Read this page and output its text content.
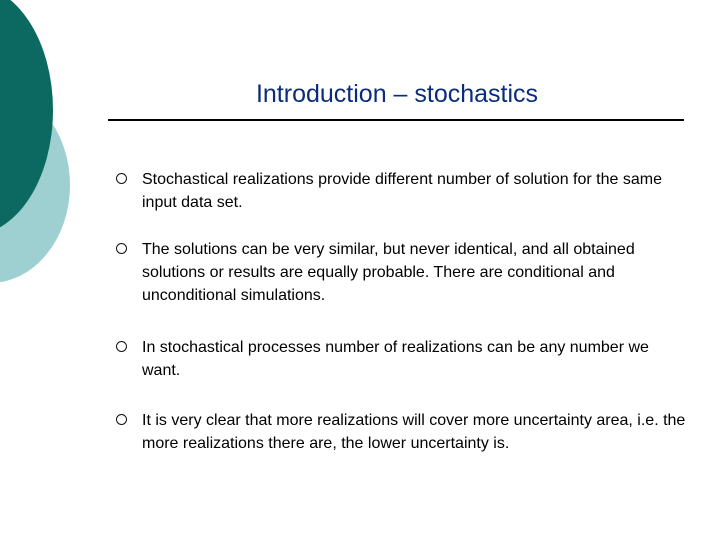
Introduction – stochastics
Stochastical realizations provide different number of solution for the same input data set.
The solutions can be very similar, but never identical, and all obtained solutions or results are equally probable. There are conditional and unconditional simulations.
In stochastical processes number of realizations can be any number we want.
It is very clear that more realizations will cover more uncertainty area, i.e. the more realizations there are, the lower uncertainty is.
